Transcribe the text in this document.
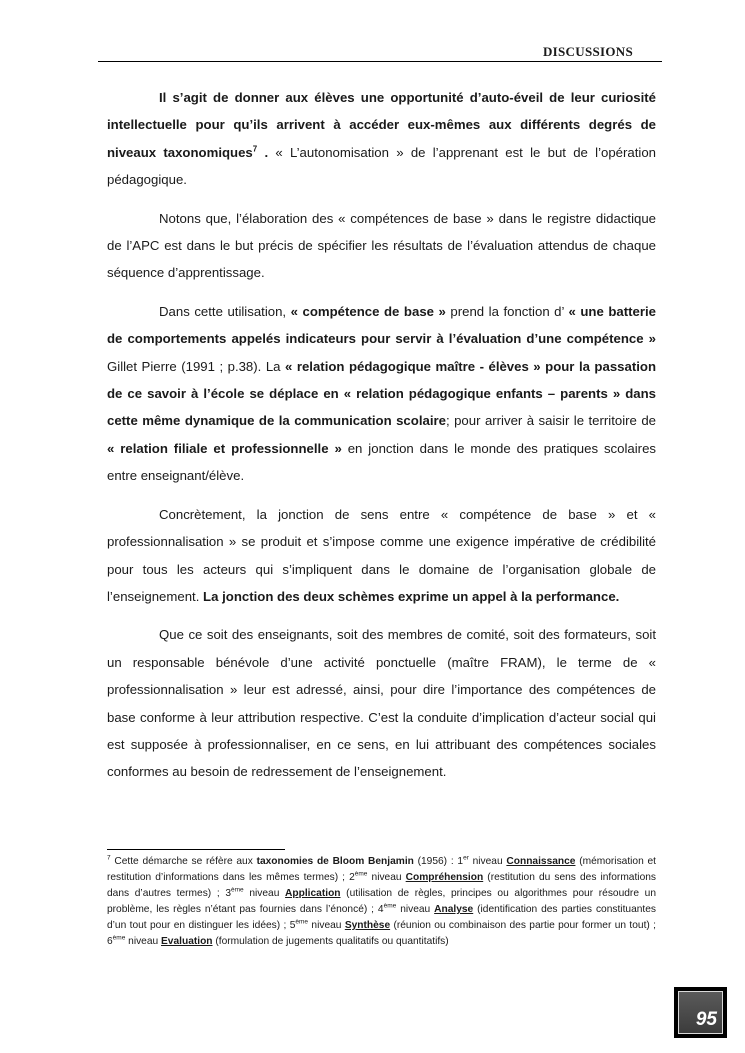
DISCUSSIONS

Il s’agit de donner aux élèves une opportunité d’auto-éveil de leur curiosité intellectuelle pour qu’ils arrivent à accéder eux-mêmes aux différents degrés de niveaux taxonomiques$^7$ . « L’autonomisation » de l’apprenant est le but de l’opération pédagogique.

Notons que, l’élaboration des « compétences de base » dans le registre didactique de l’APC est dans le but précis de spécifier les résultats de l’évaluation attendus de chaque séquence d’apprentissage.

Dans cette utilisation, « compétence de base » prend la fonction d’ « une batterie de comportements appelés indicateurs pour servir à l’évaluation d’une compétence » Gillet Pierre (1991 ; p.38). La « relation pédagogique maître - élèves » pour la passation de ce savoir à l’école se déplace en « relation pédagogique enfants – parents » dans cette même dynamique de la communication scolaire; pour arriver à saisir le territoire de « relation filiale et professionnelle » en jonction dans le monde des pratiques scolaires entre enseignant/élève.

Concrètement, la jonction de sens entre « compétence de base » et « professionnalisation » se produit et s’impose comme une exigence impérative de crédibilité pour tous les acteurs qui s’impliquent dans le domaine de l’organisation globale de l’enseignement. La jonction des deux schèmes exprime un appel à la performance.

Que ce soit des enseignants, soit des membres de comité, soit des formateurs, soit un responsable bénévole d’une activité ponctuelle (maître FRAM), le terme de « professionnalisation » leur est adressé, ainsi, pour dire l’importance des compétences de base conforme à leur attribution respective. C’est la conduite d’implication d’acteur social qui est supposée à professionnaliser, en ce sens, en lui attribuant des compétences sociales conformes au besoin de redressement de l’enseignement.

$^7$ Cette démarche se réfère aux taxonomies de Bloom Benjamin (1956) : 1er niveau Connaissance (mémorisation et restitution d’informations dans les mêmes termes) ; 2ème niveau Compréhension (restitution du sens des informations dans d’autres termes) ; 3ème niveau Application (utilisation de règles, principes ou algorithmes pour résoudre un problème, les règles n’étant pas fournies dans l’énoncé) ; 4ème niveau Analyse (identification des parties constituantes d’un tout pour en distinguer les idées) ; 5ème niveau Synthèse (réunion ou combinaison des partie pour former un tout) ; 6ème niveau Evaluation (formulation de jugements qualitatifs ou quantitatifs)
95
